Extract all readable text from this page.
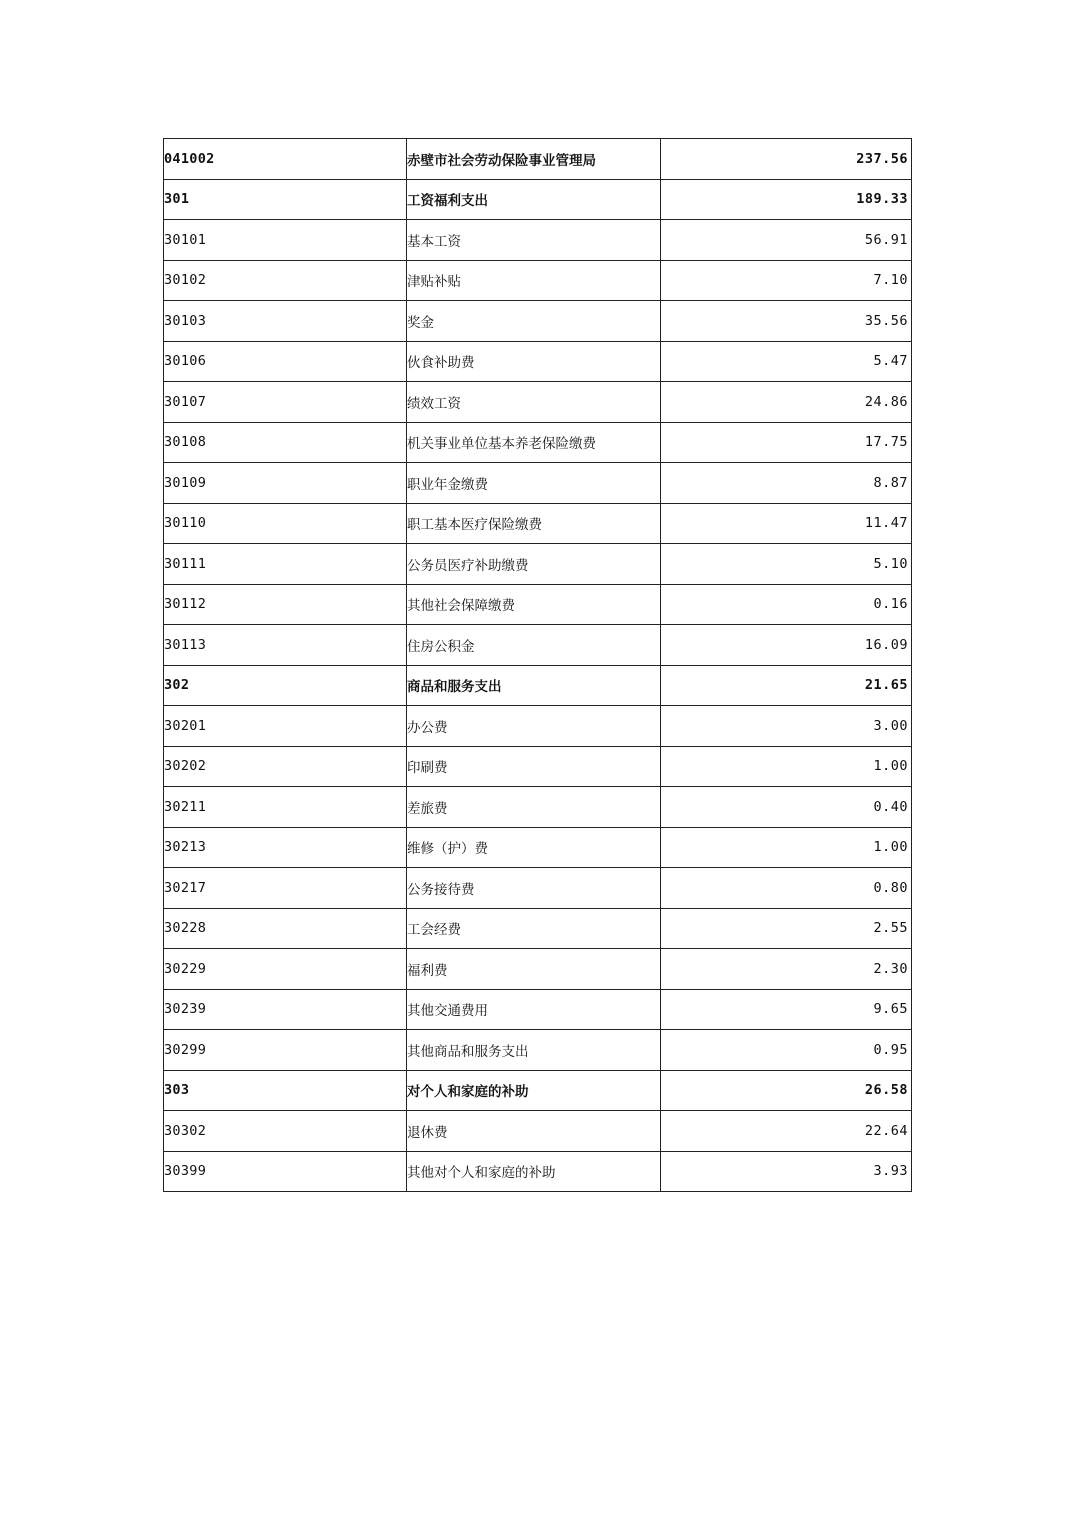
041002	赤壁市社会劳动保险事业管理局	237.56
301	工资福利支出	189.33
30101	基本工资	56.91
30102	津贴补贴	7.10
30103	奖金	35.56
30106	伙食补助费	5.47
30107	绩效工资	24.86
30108	机关事业单位基本养老保险缴费	17.75
30109	职业年金缴费	8.87
30110	职工基本医疗保险缴费	11.47
30111	公务员医疗补助缴费	5.10
30112	其他社会保障缴费	0.16
30113	住房公积金	16.09
302	商品和服务支出	21.65
30201	办公费	3.00
30202	印刷费	1.00
30211	差旅费	0.40
30213	维修（护）费	1.00
30217	公务接待费	0.80
30228	工会经费	2.55
30229	福利费	2.30
30239	其他交通费用	9.65
30299	其他商品和服务支出	0.95
303	对个人和家庭的补助	26.58
30302	退休费	22.64
30399	其他对个人和家庭的补助	3.93
